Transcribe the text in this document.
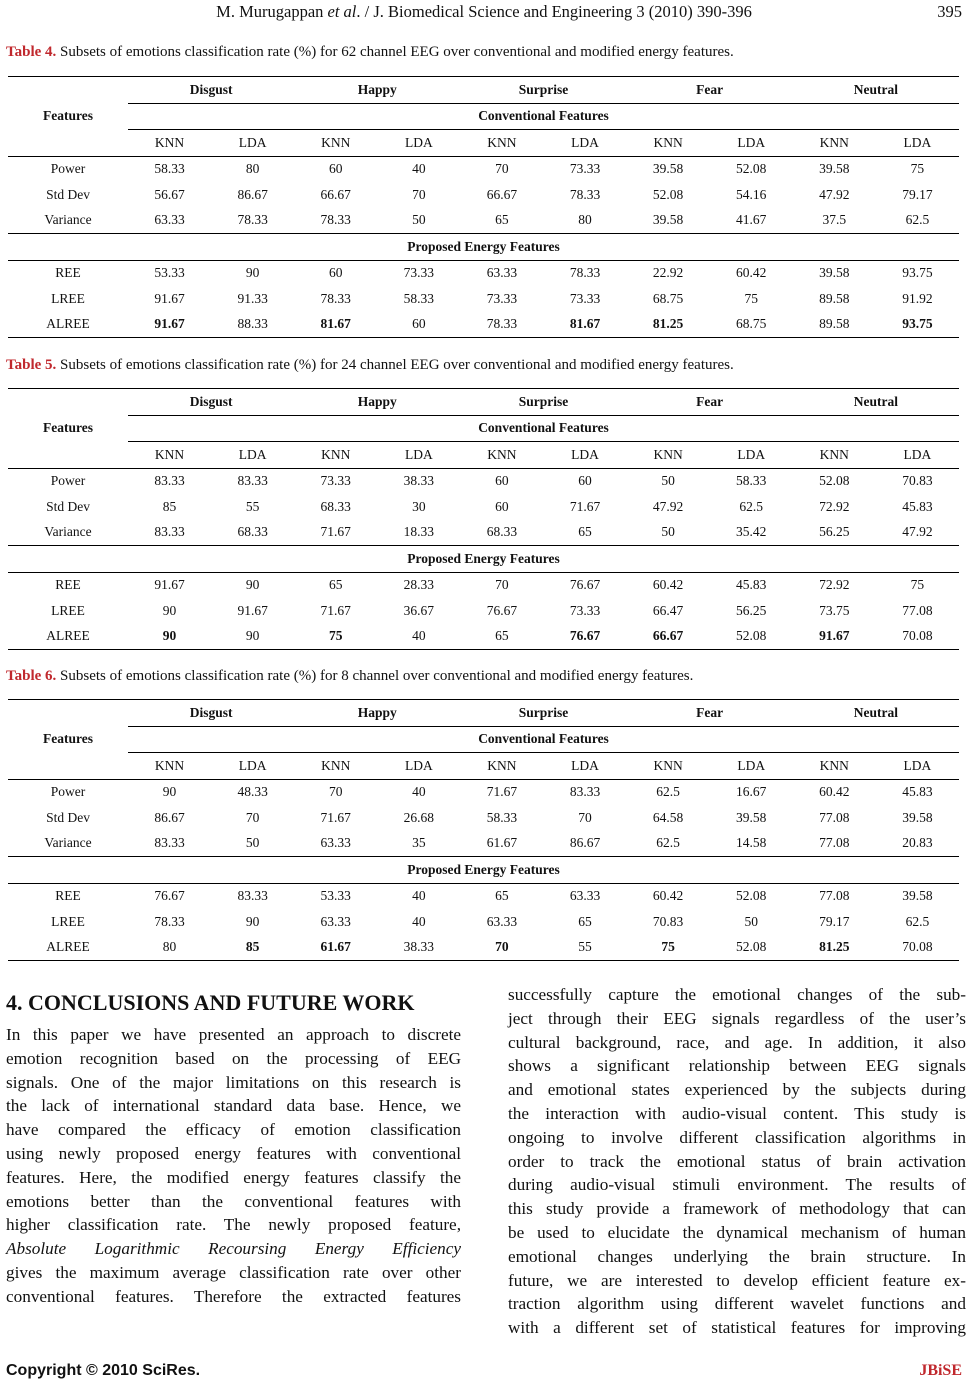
M. Murugappan et al. / J. Biomedical Science and Engineering 3 (2010) 390-396	395
Table 4. Subsets of emotions classification rate (%) for 62 channel EEG over conventional and modified energy features.
Features	Disgust		Happy		Surprise		Fear		Neutral	
	Conventional Features									
	KNN	LDA	KNN	LDA	KNN	LDA	KNN	LDA	KNN	LDA
Power	58.33	80	60	40	70	73.33	39.58	52.08	39.58	75
Std Dev	56.67	86.67	66.67	70	66.67	78.33	52.08	54.16	47.92	79.17
Variance	63.33	78.33	78.33	50	65	80	39.58	41.67	37.5	62.5
Proposed Energy Features										
REE	53.33	90	60	73.33	63.33	78.33	22.92	60.42	39.58	93.75
LREE	91.67	91.33	78.33	58.33	73.33	73.33	68.75	75	89.58	91.92
ALREE	91.67	88.33	81.67	60	78.33	81.67	81.25	68.75	89.58	93.75
Table 5. Subsets of emotions classification rate (%) for 24 channel EEG over conventional and modified energy features.
Features	Disgust		Happy		Surprise		Fear		Neutral	
	Conventional Features									
	KNN	LDA	KNN	LDA	KNN	LDA	KNN	LDA	KNN	LDA
Power	83.33	83.33	73.33	38.33	60	60	50	58.33	52.08	70.83
Std Dev	85	55	68.33	30	60	71.67	47.92	62.5	72.92	45.83
Variance	83.33	68.33	71.67	18.33	68.33	65	50	35.42	56.25	47.92
Proposed Energy Features										
REE	91.67	90	65	28.33	70	76.67	60.42	45.83	72.92	75
LREE	90	91.67	71.67	36.67	76.67	73.33	66.47	56.25	73.75	77.08
ALREE	90	90	75	40	65	76.67	66.67	52.08	91.67	70.08
Table 6. Subsets of emotions classification rate (%) for 8 channel over conventional and modified energy features.
Features	Disgust		Happy		Surprise		Fear		Neutral	
	Conventional Features									
	KNN	LDA	KNN	LDA	KNN	LDA	KNN	LDA	KNN	LDA
Power	90	48.33	70	40	71.67	83.33	62.5	16.67	60.42	45.83
Std Dev	86.67	70	71.67	26.68	58.33	70	64.58	39.58	77.08	39.58
Variance	83.33	50	63.33	35	61.67	86.67	62.5	14.58	77.08	20.83
Proposed Energy Features										
REE	76.67	83.33	53.33	40	65	63.33	60.42	52.08	77.08	39.58
LREE	78.33	90	63.33	40	63.33	65	70.83	50	79.17	62.5
ALREE	80	85	61.67	38.33	70	55	75	52.08	81.25	70.08
4. CONCLUSIONS AND FUTURE WORK
In this paper we have presented an approach to discrete
emotion recognition based on the processing of EEG
signals. One of the major limitations on this research is
the lack of international standard data base. Hence, we
have compared the efficacy of emotion classification
using newly proposed energy features with conventional
features. Here, the modified energy features classify the
emotions better than the conventional features with
higher classification rate. The newly proposed feature,
Absolute Logarithmic Recoursing Energy Efficiency
gives the maximum average classification rate over other
conventional features. Therefore the extracted features
successfully capture the emotional changes of the sub-
ject through their EEG signals regardless of the user’s
cultural background, race, and age. In addition, it also
shows a significant relationship between EEG signals
and emotional states experienced by the subjects during
the interaction with audio-visual content. This study is
ongoing to involve different classification algorithms in
order to track the emotional status of brain activation
during audio-visual stimuli environment. The results of
this study provide a framework of methodology that can
be used to elucidate the dynamical mechanism of human
emotional changes underlying the brain structure. In
future, we are interested to develop efficient feature ex-
traction algorithm using different wavelet functions and
with a different set of statistical features for improving
Copyright © 2010 SciRes.	JBiSE
